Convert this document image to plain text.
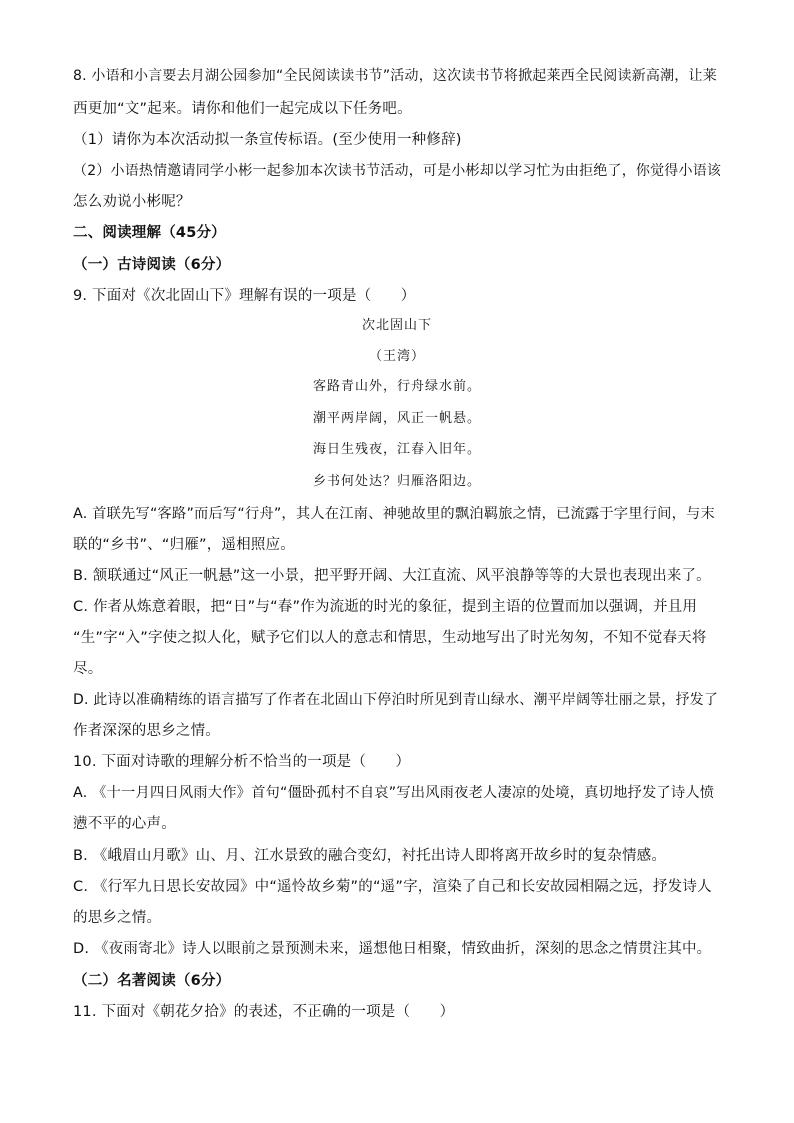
8. 小语和小言要去月湖公园参加“全民阅读读书节”活动，这次读书节将掀起莱西全民阅读新高潮，让莱
西更加“文”起来。请你和他们一起完成以下任务吧。
（1）请你为本次活动拟一条宣传标语。(至少使用一种修辞)
（2）小语热情邀请同学小彬一起参加本次读书节活动，可是小彬却以学习忙为由拒绝了，你觉得小语该
怎么劝说小彬呢？
二、阅读理解（45分）
（一）古诗阅读（6分）
9. 下面对《次北固山下》理解有误的一项是（　　）
次北固山下
（王湾）
客路青山外，行舟绿水前。
潮平两岸阔，风正一帆悬。
海日生残夜，江春入旧年。
乡书何处达？归雁洛阳边。
A. 首联先写“客路”而后写“行舟”，其人在江南、神驰故里的飘泊羁旅之情，已流露于字里行间，与末
联的“乡书”、“归雁”，遥相照应。
B. 颔联通过“风正一帆悬”这一小景，把平野开阔、大江直流、风平浪静等等的大景也表现出来了。
C. 作者从炼意着眼，把“日”与“春”作为流逝的时光的象征，提到主语的位置而加以强调，并且用
“生”字“入”字使之拟人化，赋予它们以人的意志和情思，生动地写出了时光匆匆，不知不觉春天将
尽。
D. 此诗以准确精练的语言描写了作者在北固山下停泊时所见到青山绿水、潮平岸阔等壮丽之景，抒发了
作者深深的思乡之情。
10. 下面对诗歌的理解分析不恰当的一项是（　　）
A. 《十一月四日风雨大作》首句“僵卧孤村不自哀”写出风雨夜老人凄凉的处境，真切地抒发了诗人愤
懑不平的心声。
B. 《峨眉山月歌》山、月、江水景致的融合变幻，衬托出诗人即将离开故乡时的复杂情感。
C. 《行军九日思长安故园》中“遥怜故乡菊”的“遥”字，渲染了自己和长安故园相隔之远，抒发诗人
的思乡之情。
D. 《夜雨寄北》诗人以眼前之景预测未来，遥想他日相聚，情致曲折，深刻的思念之情贯注其中。
（二）名著阅读（6分）
11. 下面对《朝花夕拾》的表述，不正确的一项是（　　）
